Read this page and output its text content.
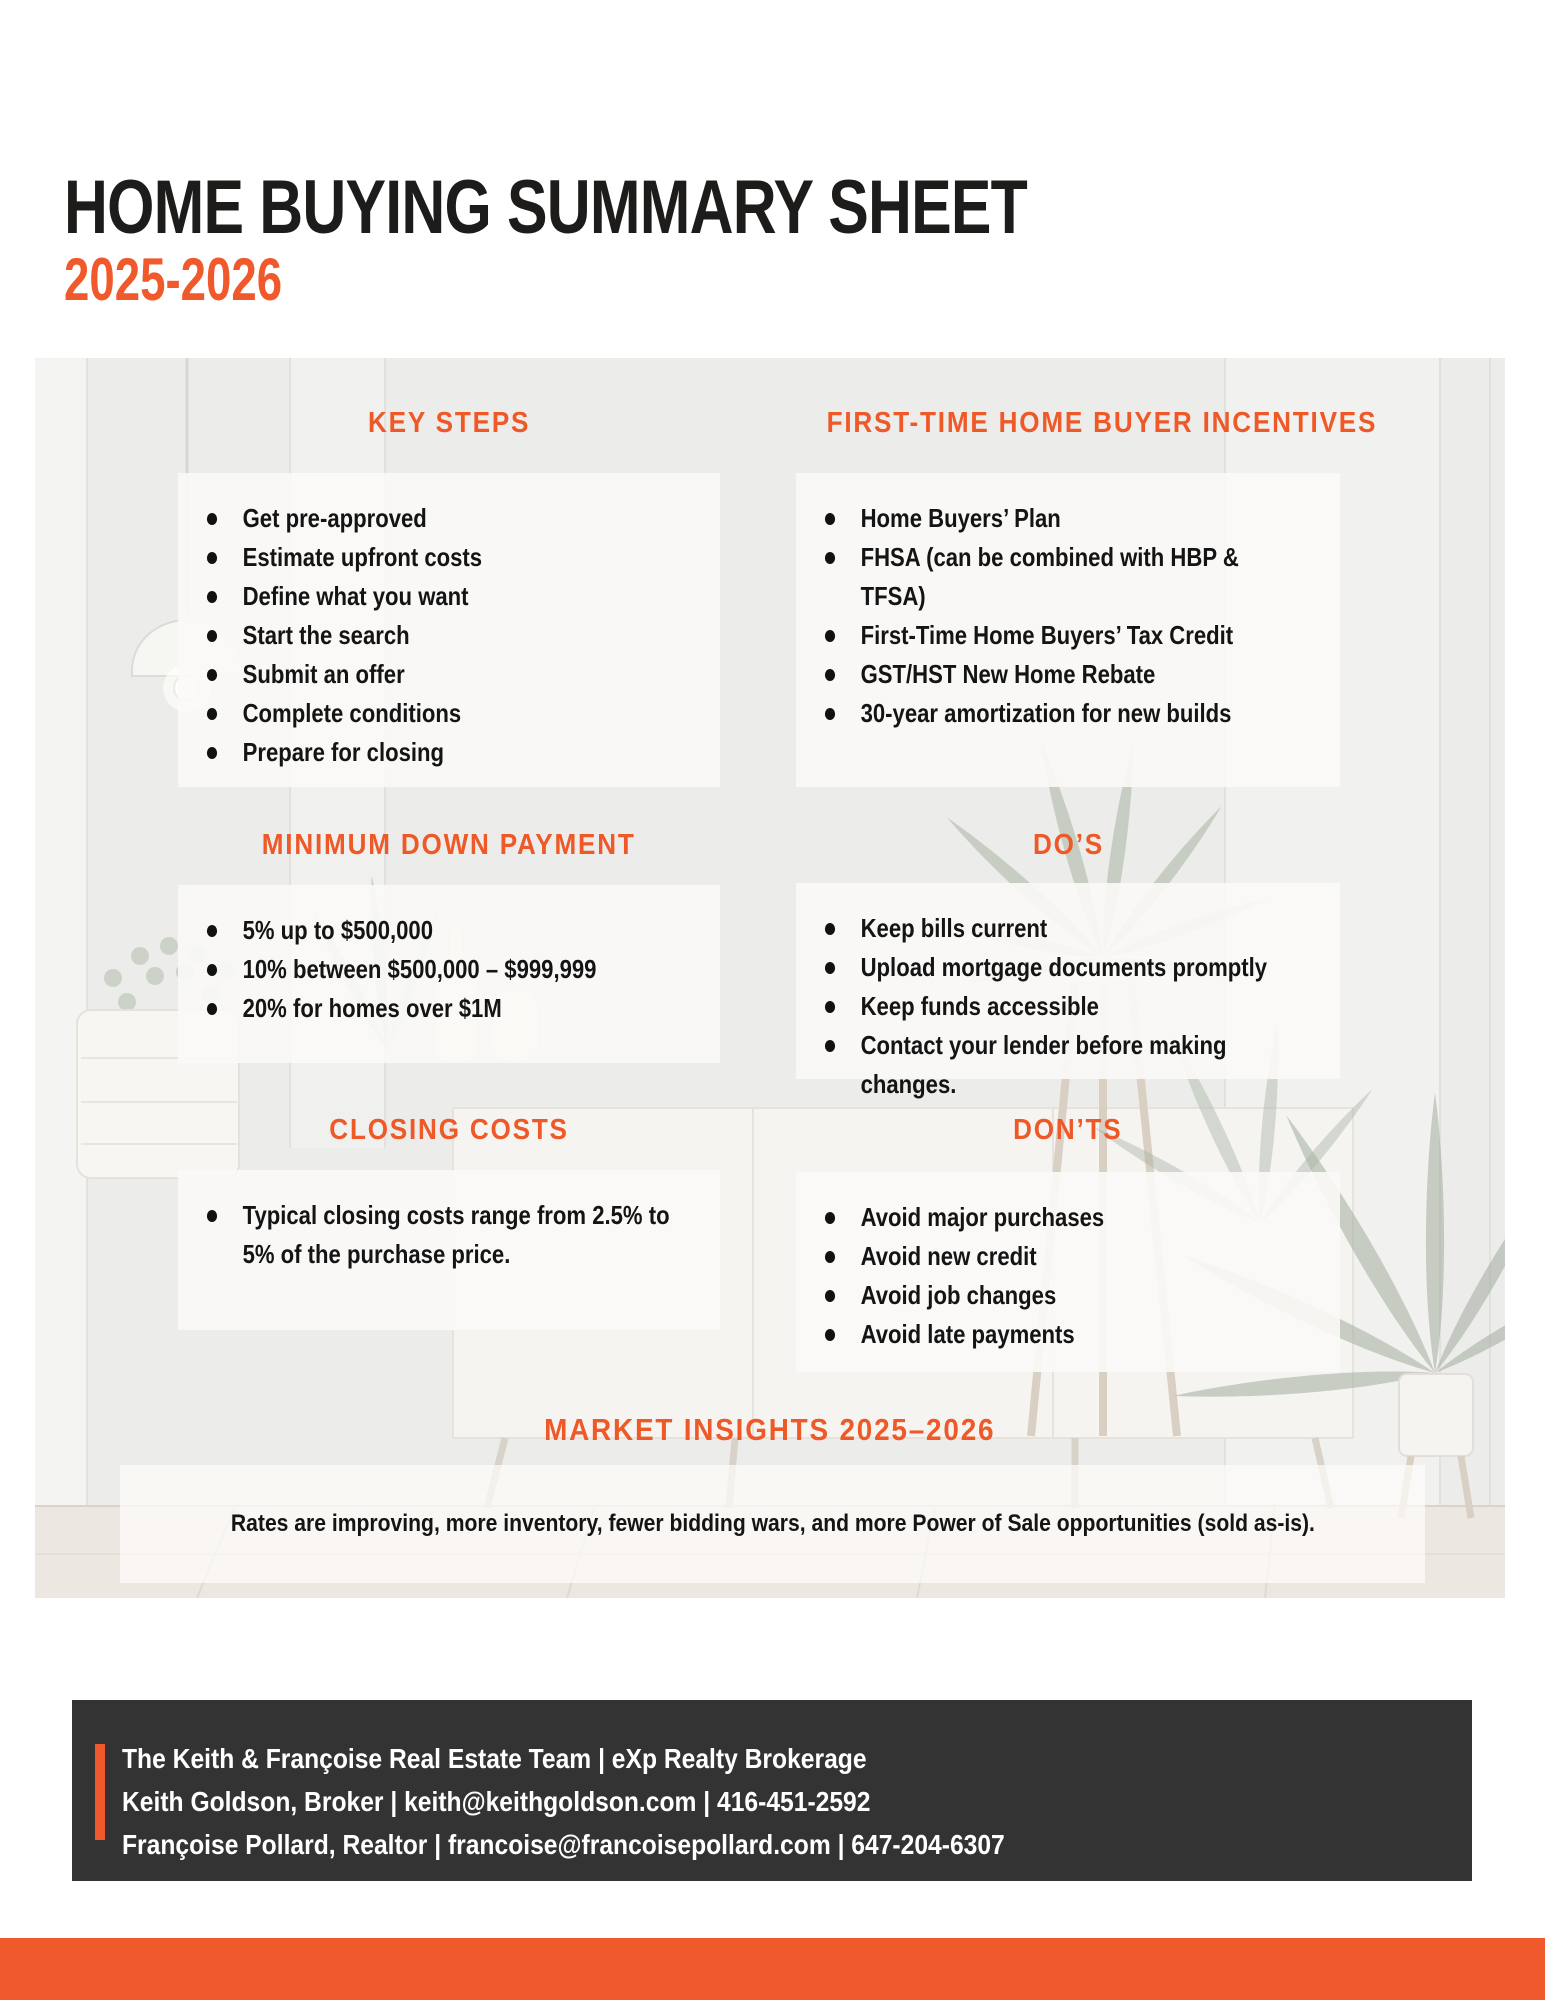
HOME BUYING SUMMARY SHEET
2025-2026
KEY STEPS	FIRST-TIME HOME BUYER INCENTIVES
Get pre-approved
Estimate upfront costs
Define what you want
Start the search
Submit an offer
Complete conditions
Prepare for closing
Home Buyers’ Plan
FHSA (can be combined with HBP & TFSA)
First-Time Home Buyers’ Tax Credit
GST/HST New Home Rebate
30-year amortization for new builds
MINIMUM DOWN PAYMENT	DO’S
5% up to $500,000
10% between $500,000 – $999,999
20% for homes over $1M
Keep bills current
Upload mortgage documents promptly
Keep funds accessible
Contact your lender before making changes.
CLOSING COSTS	DON’TS
Typical closing costs range from 2.5% to 5% of the purchase price.
Avoid major purchases
Avoid new credit
Avoid job changes
Avoid late payments
MARKET INSIGHTS 2025–2026
Rates are improving, more inventory, fewer bidding wars, and more Power of Sale opportunities (sold as-is).
The Keith & Françoise Real Estate Team | eXp Realty Brokerage
Keith Goldson, Broker | keith@keithgoldson.com | 416-451-2592
Françoise Pollard, Realtor | francoise@francoisepollard.com | 647-204-6307
